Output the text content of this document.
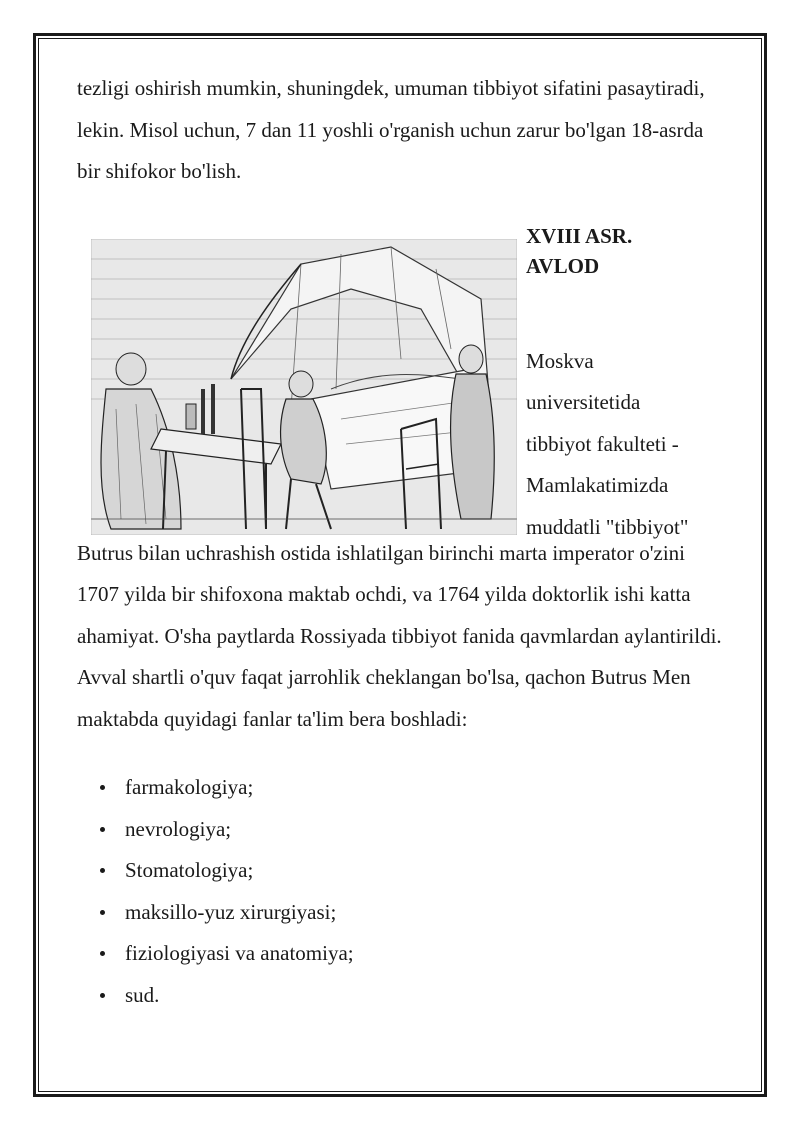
tezligi oshirish mumkin, shuningdek, umuman tibbiyot sifatini pasaytiradi, lekin. Misol uchun, 7 dan 11 yoshli o'rganish uchun zarur bo'lgan 18-asrda bir shifokor bo'lish.

XVIII ASR.
AVLOD

Moskva
universitetida
tibbiyot fakulteti -
Mamlakatimizda
muddatli "tibbiyot"

Butrus bilan uchrashish ostida ishlatilgan birinchi marta imperator o'zini 1707 yilda bir shifoxona maktab ochdi, va 1764 yilda doktorlik ishi katta ahamiyat. O'sha paytlarda Rossiyada tibbiyot fanida qavmlardan aylantirildi. Avval shartli o'quv faqat jarrohlik cheklangan bo'lsa, qachon Butrus Men maktabda quyidagi fanlar ta'lim bera boshladi:

farmakologiya;
nevrologiya;
Stomatologiya;
maksillo-yuz xirurgiyasi;
fiziologiyasi va anatomiya;
sud.
